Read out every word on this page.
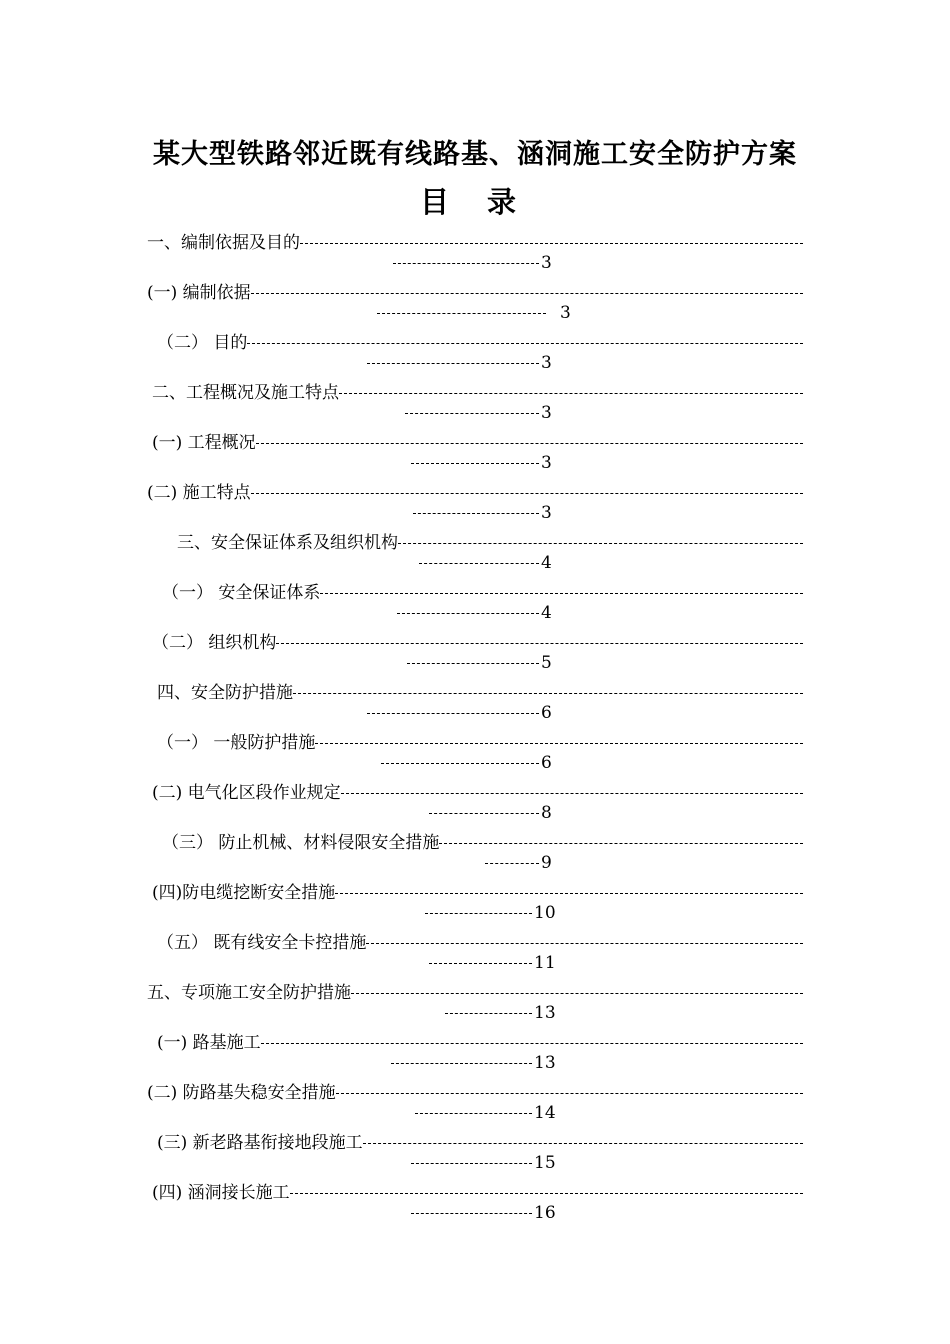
某大型铁路邻近既有线路基、涵洞施工安全防护方案
目 录
一、编制依据及目的
3
(一) 编制依据
3
（二） 目的
3
二、工程概况及施工特点
3
(一) 工程概况
3
(二) 施工特点
3
三、安全保证体系及组织机构
4
（一） 安全保证体系
4
（二） 组织机构
5
四、安全防护措施
6
（一） 一般防护措施
6
(二) 电气化区段作业规定
8
（三） 防止机械、材料侵限安全措施
9
(四)防电缆挖断安全措施
10
（五） 既有线安全卡控措施
11
五、专项施工安全防护措施
13
(一) 路基施工
13
(二) 防路基失稳安全措施
14
(三) 新老路基衔接地段施工
15
(四) 涵洞接长施工
16
